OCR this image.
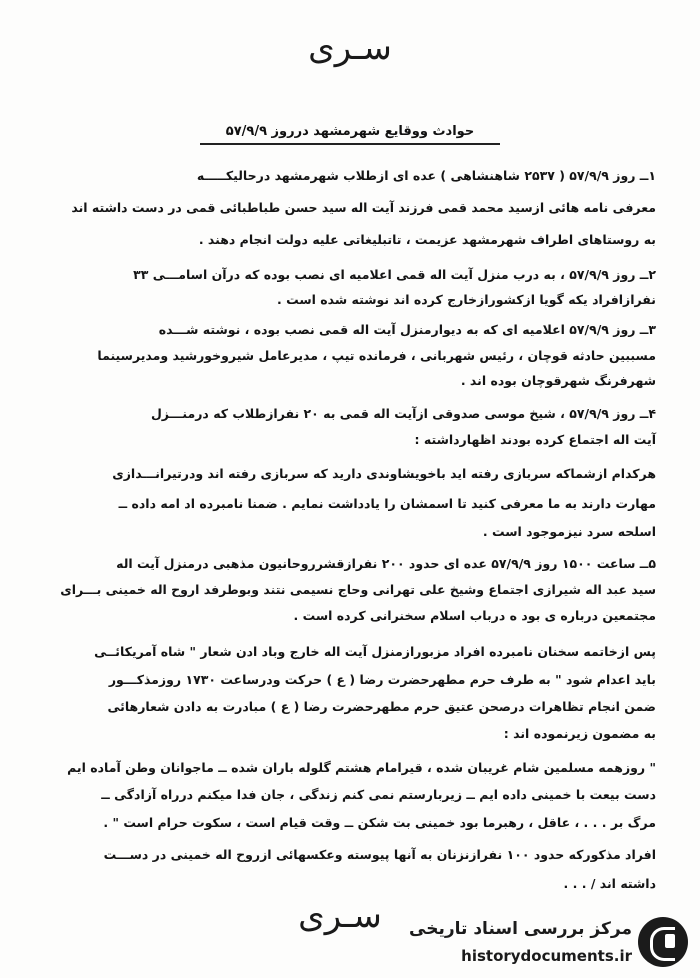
سـرى
حوادث ووقایع شهرمشهد درروز ۵۷/۹/۹
۱ــ روز ۵۷/۹/۹ ( ۲۵۳۷ شاهنشاهی ) عده ای ازطلاب شهرمشهد درحالیکـــــه
معرفی نامه هائی ازسید محمد قمی فرزند آیت اله سید حسن طباطبائی قمی در دست داشته اند
به روستاهای اطراف شهرمشهد عزیمت ، تاتبلیغاتی علیه دولت انجام دهند .
۲ــ روز ۵۷/۹/۹ ، به درب منزل آیت اله قمی اعلامیه ای نصب بوده که درآن اسامـــی ۳۳
نفرازافراد یکه گویا ازکشورازخارج کرده اند نوشته شده است .
۳ــ روز ۵۷/۹/۹ اعلامیه ای که به دیوارمنزل آیت اله قمی نصب بوده ، نوشته شـــده
مسببین حادثه قوچان ، رئیس شهربانی ، فرمانده تیپ ، مدیرعامل شیروخورشید ومدیرسینما
شهرفرنگ شهرقوچان بوده اند .
۴ــ روز ۵۷/۹/۹ ، شیخ موسی صدوقی ازآیت اله قمی به ۲۰ نفرازطلاب که درمنـــزل
آیت اله اجتماع کرده بودند اظهارداشته :
هرکدام ازشماکه سربازی رفته اید باخویشاوندی دارید که سربازی رفته اند ودرتیرانـــدازی
مهارت دارند به ما معرفی کنید تا اسمشان را یادداشت نمایم . ضمنا نامبرده اد امه داده ــ
اسلحه سرد نیزموجود است .
۵ــ ساعت ۱۵۰۰ روز ۵۷/۹/۹ عده ای حدود ۲۰۰ نفرازقشرروحانیون مذهبی درمنزل آیت اله
سید عبد اله شیرازی اجتماع وشیخ علی تهرانی وحاج نسیمی نتند وبوطرفد اروح اله خمینی بـــرای
مجتمعین درباره ی بود ه درباب اسلام سخنرانی کرده است .
پس ازخاتمه سخنان نامبرده افراد مزبورازمنزل آیت اله خارج وباد ادن شعار " شاه آمریکائــی
باید اعدام شود " به طرف حرم مطهرحضرت رضا ( ع ) حرکت ودرساعت ۱۷۳۰ روزمذکـــور
ضمن انجام تظاهرات درصحن عتیق حرم مطهرحضرت رضا ( ع ) مبادرت به دادن شعارهائی
به مضمون زیرنموده اند :
" روزهمه مسلمین شام غریبان شده ، قیرامام هشتم گلوله باران شده ــ ماجوانان وطن آماده ایم
دست بیعت با خمینی داده ایم ــ زیربارستم نمی کنم زندگی ، جان فدا میکنم درراه آزادگی ــ
مرگ بر . . . ، عاقل ، رهبرما بود خمینی بت شکن ــ وقت قیام است ، سکوت حرام است " .
افراد مذکورکه حدود ۱۰۰ نفرازنزنان به آنها پیوسته وعکسهائی ازروح اله خمینی در دســـت
داشته اند / . . .
سـرى	مرکز بررسی اسناد تاریخی
historydocuments.ir
